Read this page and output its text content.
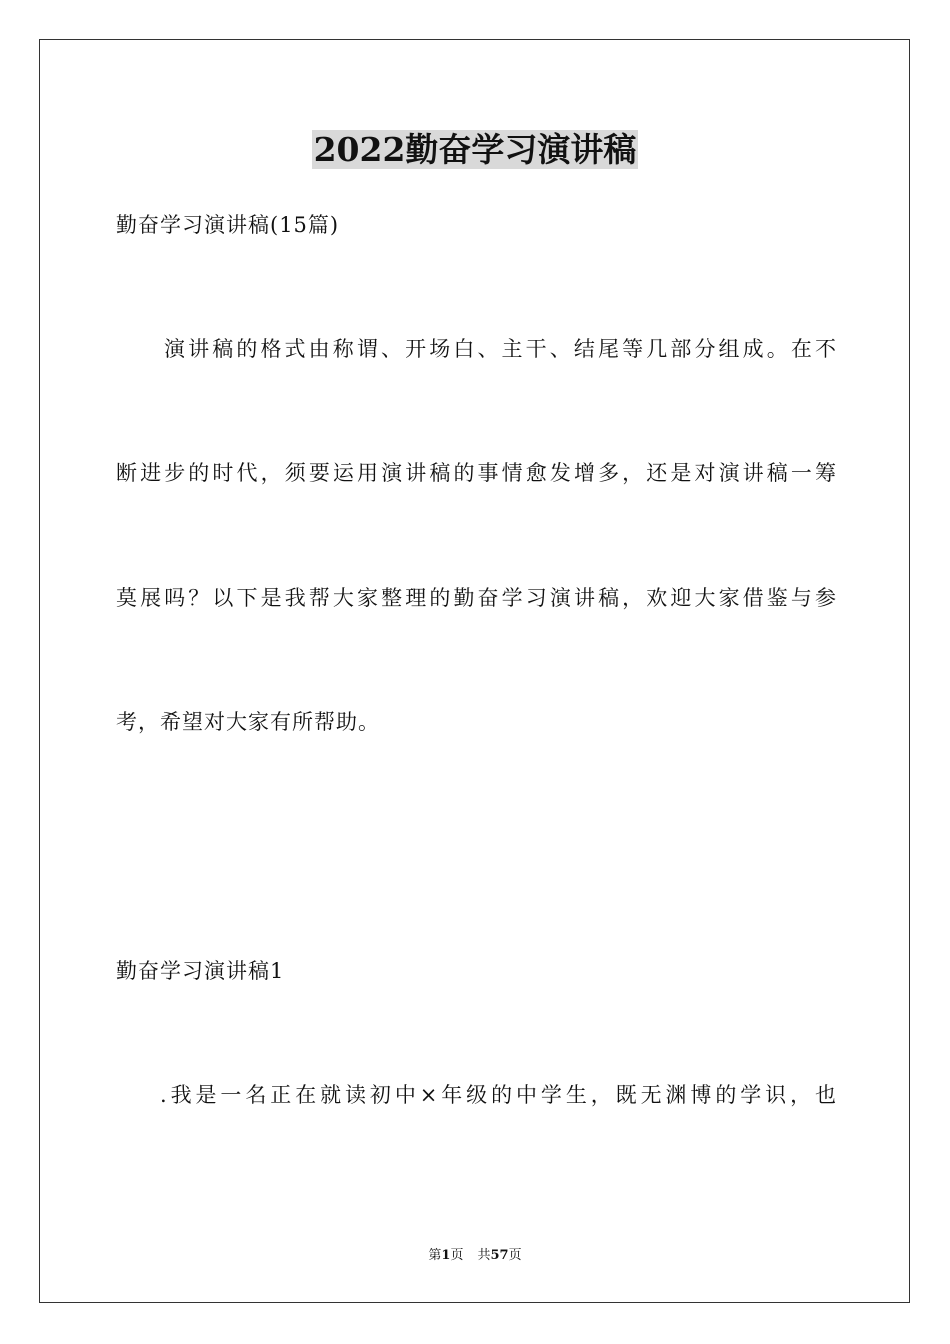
2022勤奋学习演讲稿
勤奋学习演讲稿(15篇)
演讲稿的格式由称谓、开场白、主干、结尾等几部分组成。在不
断进步的时代，须要运用演讲稿的事情愈发增多，还是对演讲稿一筹
莫展吗？以下是我帮大家整理的勤奋学习演讲稿，欢迎大家借鉴与参
考，希望对大家有所帮助。
勤奋学习演讲稿1
.我是一名正在就读初中×年级的中学生，既无渊博的学识，也
第1页 共57页
